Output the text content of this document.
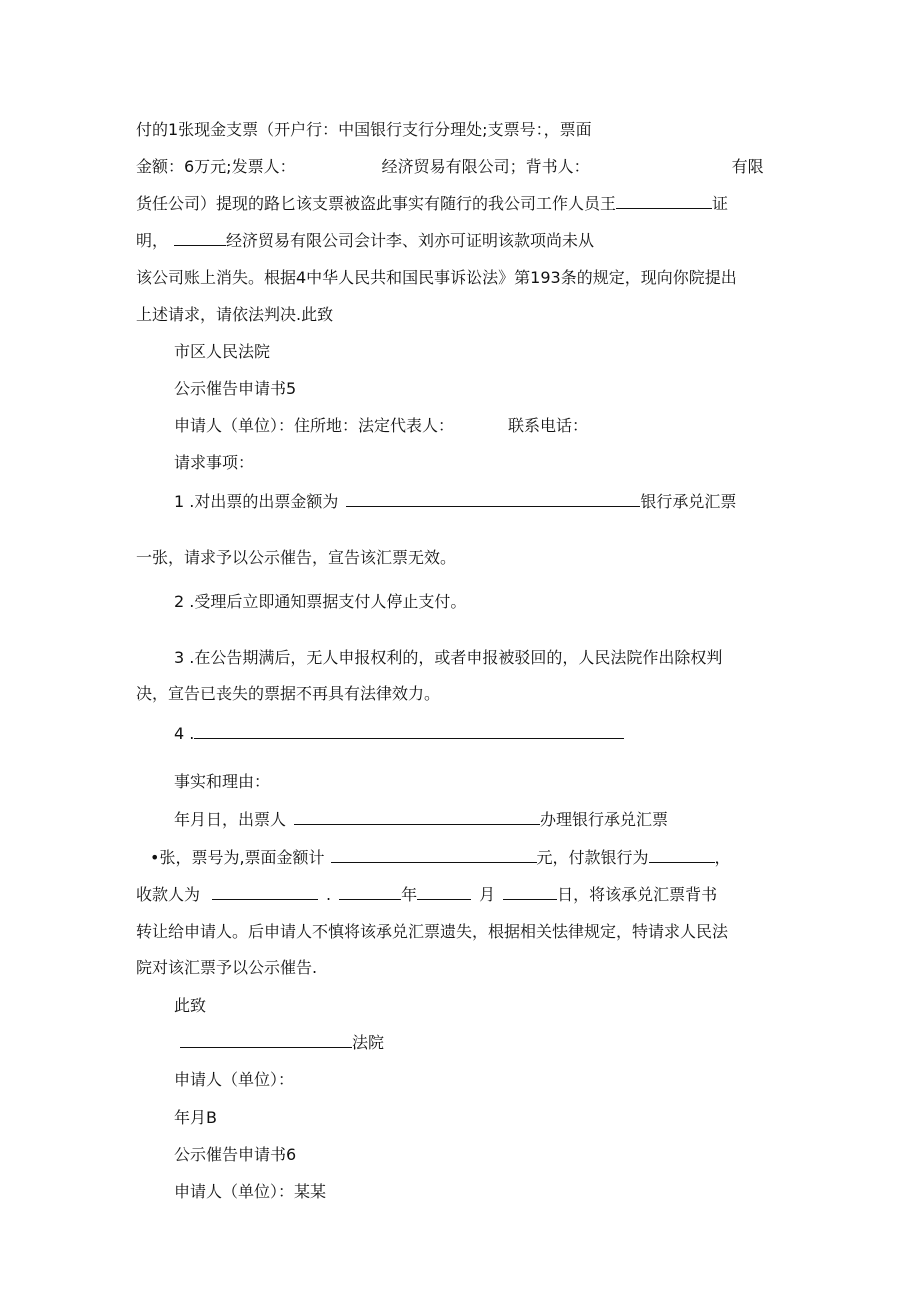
付的1张现金支票（开户行：中国银行支行分理处;支票号：，票面
金额：6万元;发票人：	经济贸易有限公司；背书人：	有限
货任公司）提现的路匕该支票被盗此事实有随行的我公司工作人员王	证
明，	经济贸易有限公司会计李、刘亦可证明该款项尚未从
该公司账上消失。根据4中华人民共和国民事诉讼法》第193条的规定，现向你院提出
上述请求，请依法判决.此致
市区人民法院
公示催告申请书5
申请人（单位）：住所地：法定代表人：	联系电话：
请求事项：
1 .对出票的出票金额为	银行承兑汇票
一张，请求予以公示催告，宣告该汇票无效。
2 .受理后立即通知票据支付人停止支付。
3 .在公告期满后，无人申报权利的，或者申报被驳回的，人民法院作出除权判
决，宣告已丧失的票据不再具有法律效力。
4 .
事实和理由：
年月日，出票人	办理银行承兑汇票
•张，票号为,票面金额计	元，付款银行为	，
收款人为	.	年	月	日，将该承兑汇票背书
转让给申请人。后申请人不慎将该承兑汇票遗失，根据相关怯律规定，特请求人民法
院对该汇票予以公示催告.
此致
法院
申请人（单位）：
年月B
公示催告申请书6
申请人（单位）：某某
